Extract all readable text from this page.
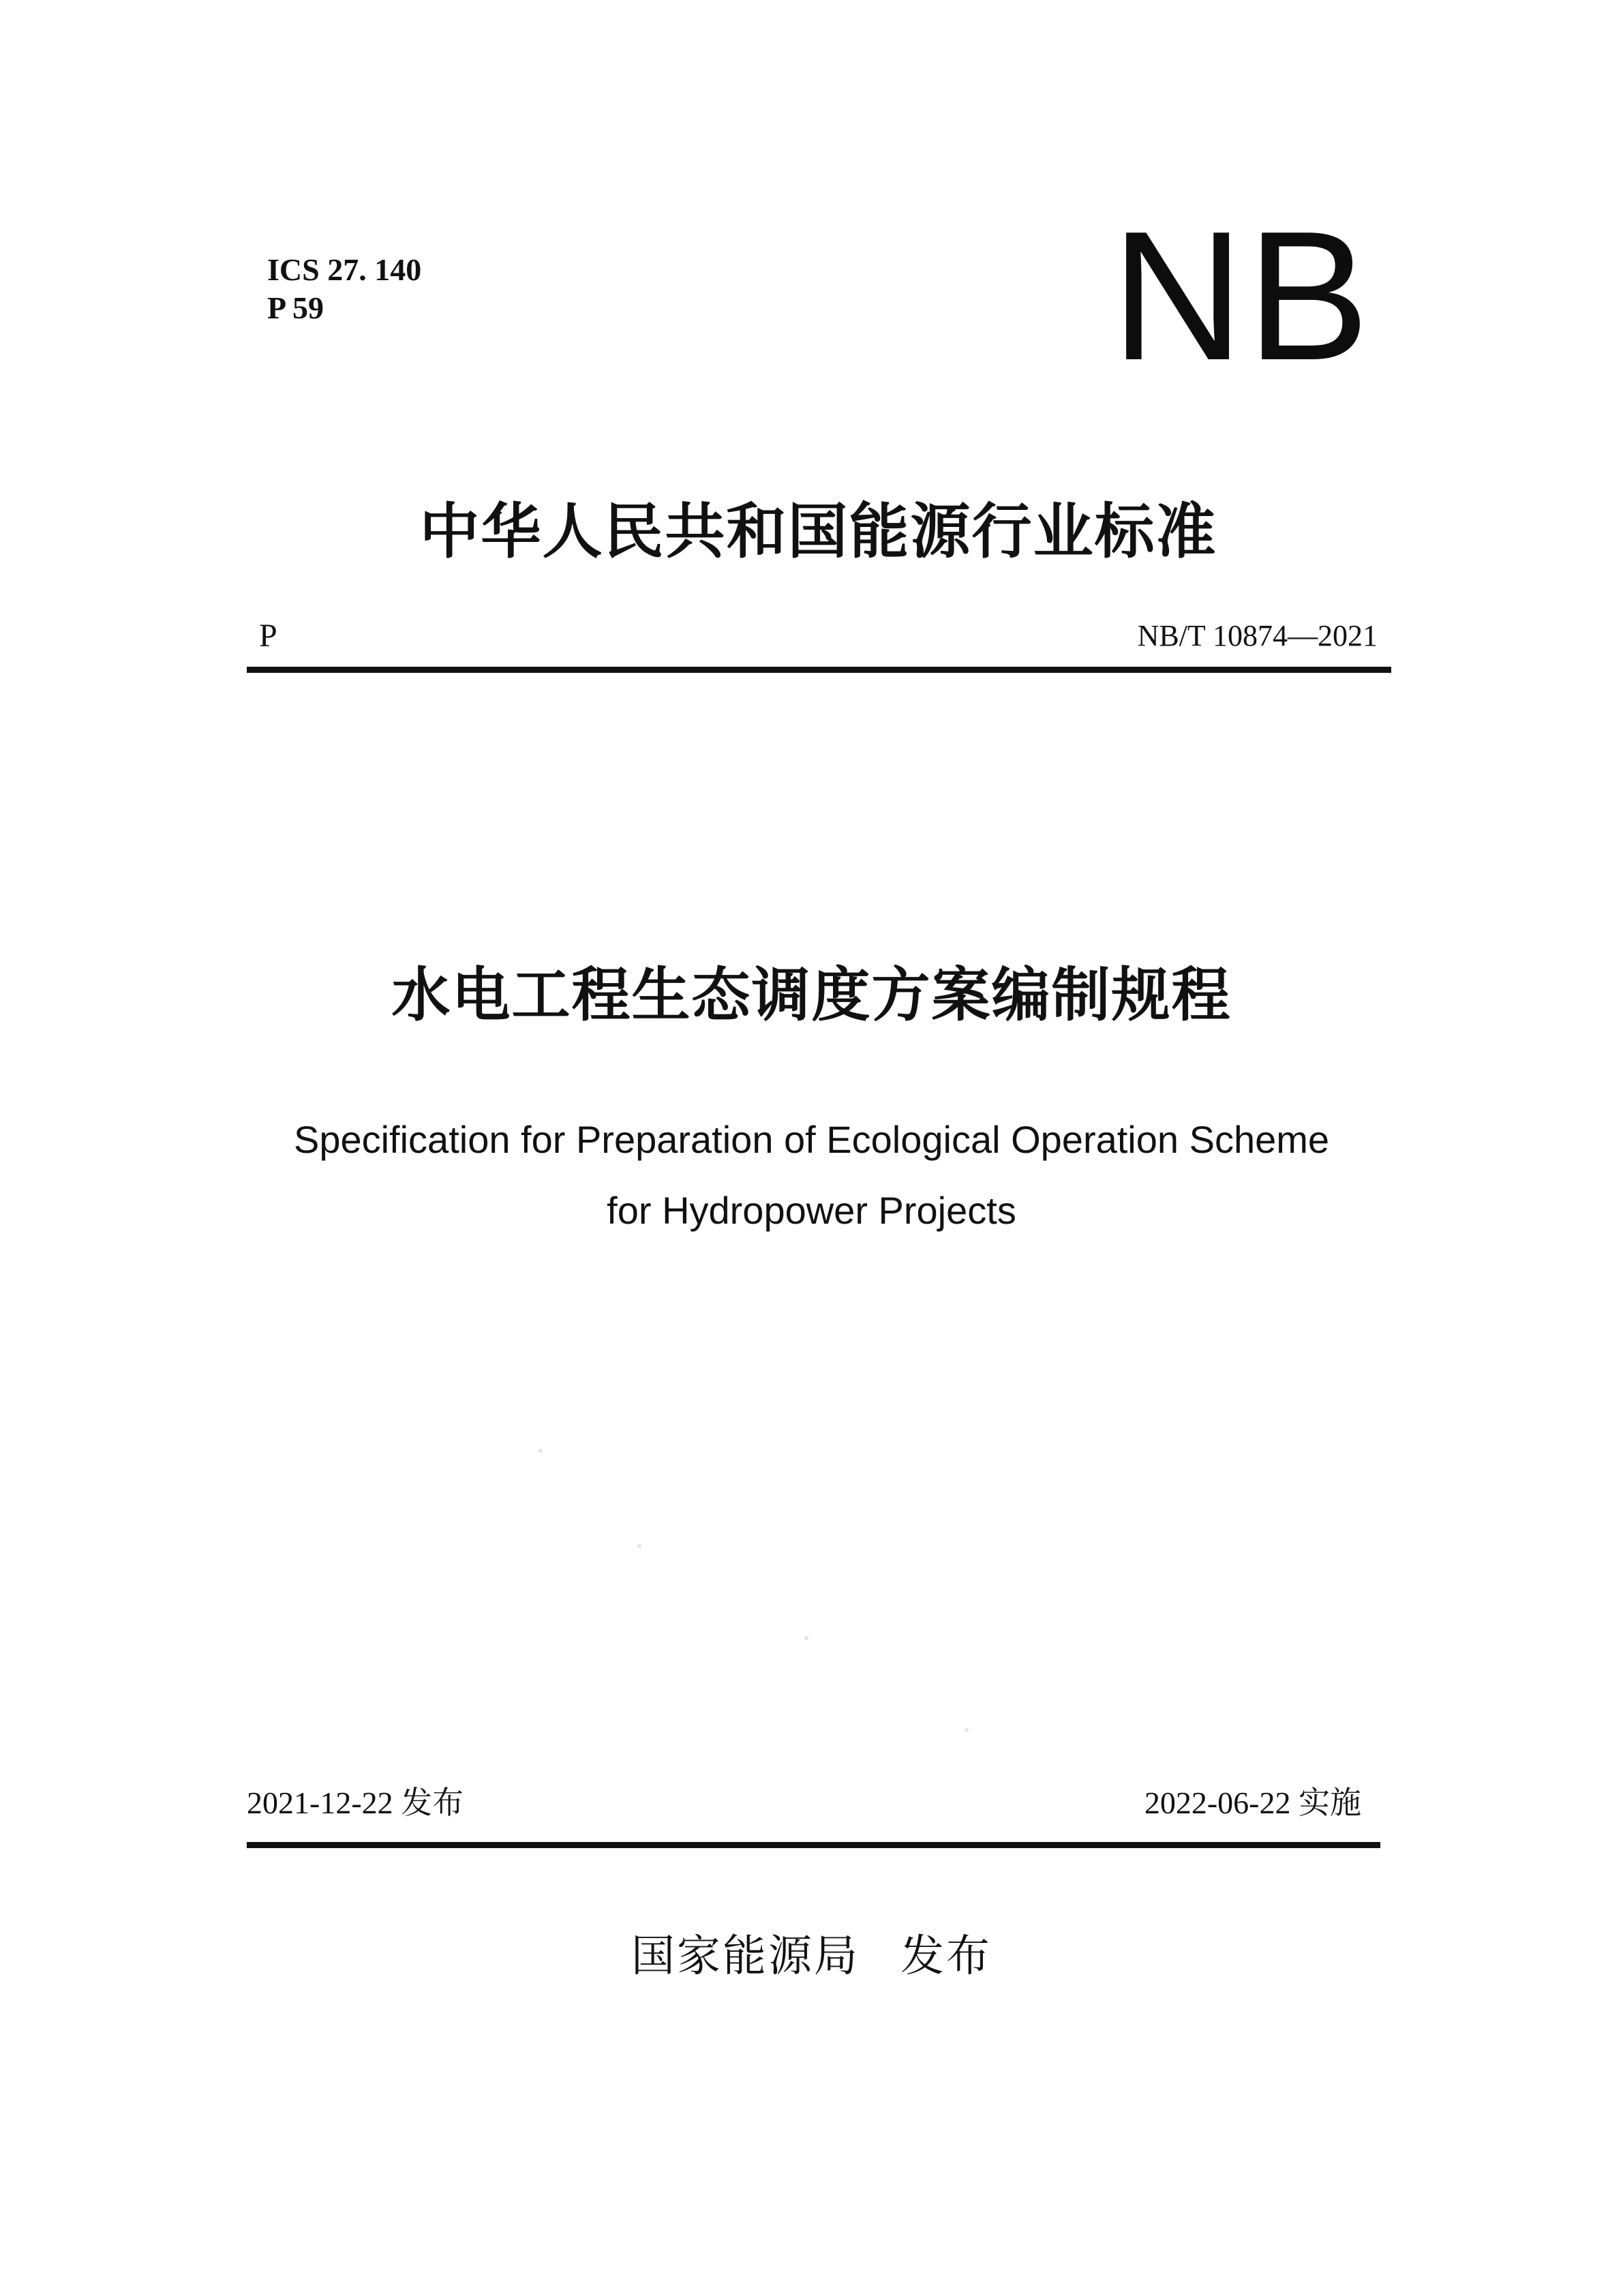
ICS 27. 140
P 59	NB
中华人民共和国能源行业标准
P	NB/T 10874—2021
水电工程生态调度方案编制规程
Specification for Preparation of Ecological Operation Scheme
for Hydropower Projects
2021-12-22 发布	2022-06-22 实施
国家能源局 发布
